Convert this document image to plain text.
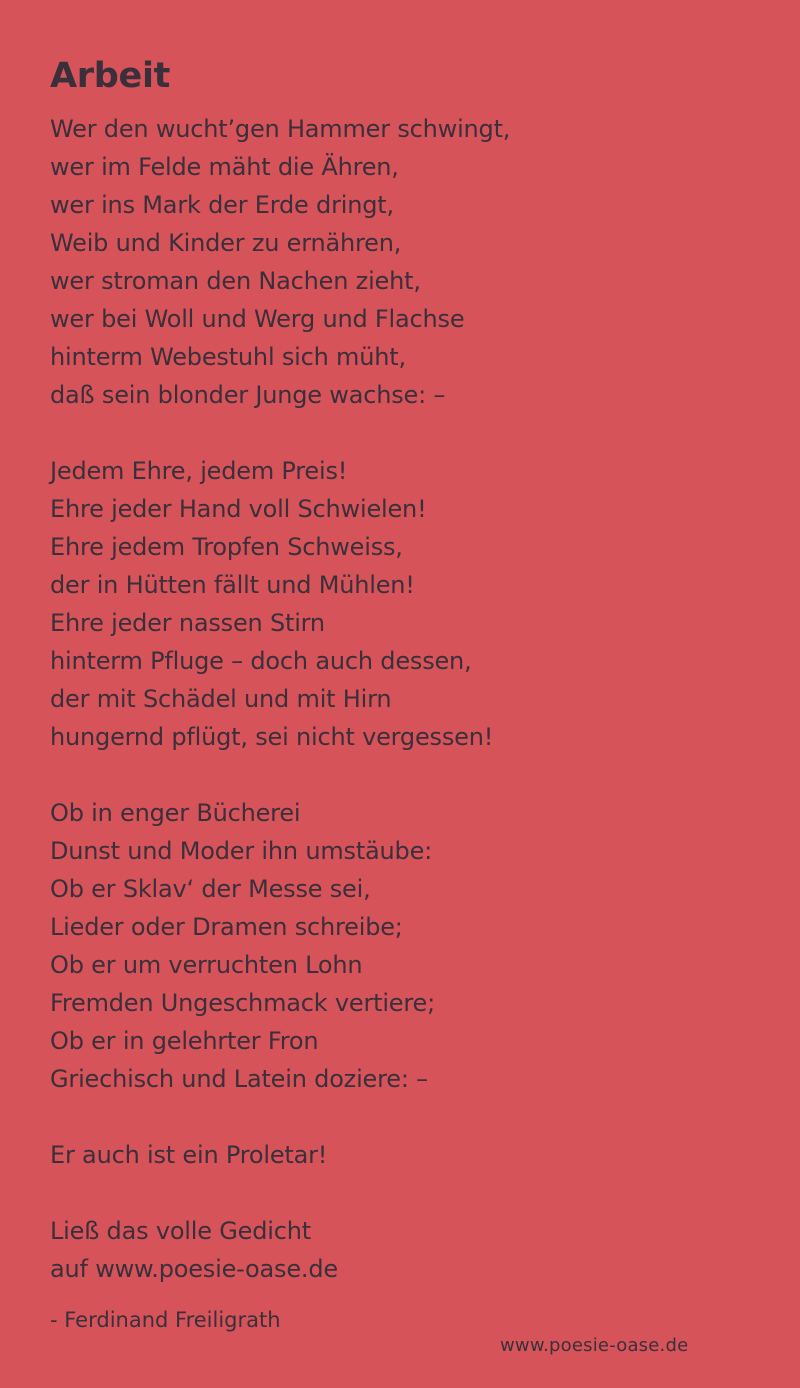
Arbeit
Wer den wucht’gen Hammer schwingt,
wer im Felde mäht die Ähren,
wer ins Mark der Erde dringt,
Weib und Kinder zu ernähren,
wer stroman den Nachen zieht,
wer bei Woll und Werg und Flachse
hinterm Webestuhl sich müht,
daß sein blonder Junge wachse: –
Jedem Ehre, jedem Preis!
Ehre jeder Hand voll Schwielen!
Ehre jedem Tropfen Schweiss,
der in Hütten fällt und Mühlen!
Ehre jeder nassen Stirn
hinterm Pfluge – doch auch dessen,
der mit Schädel und mit Hirn
hungernd pflügt, sei nicht vergessen!
Ob in enger Bücherei
Dunst und Moder ihn umstäube:
Ob er Sklav‘ der Messe sei,
Lieder oder Dramen schreibe;
Ob er um verruchten Lohn
Fremden Ungeschmack vertiere;
Ob er in gelehrter Fron
Griechisch und Latein doziere: –
Er auch ist ein Proletar!
Ließ das volle Gedicht
auf www.poesie-oase.de
- Ferdinand Freiligrath
www.poesie-oase.de
